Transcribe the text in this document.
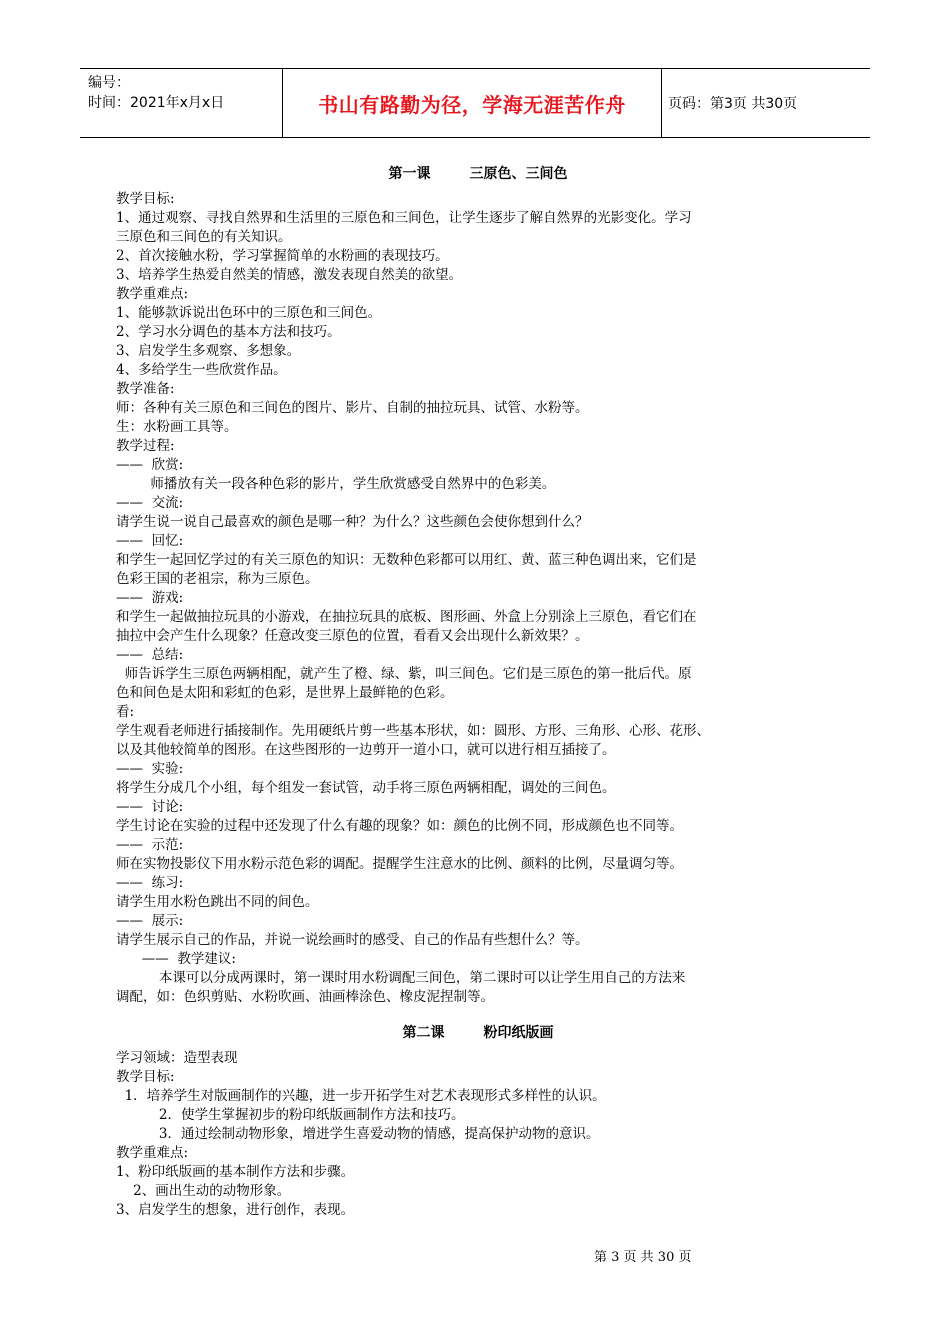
编号：
时间：2021年x月x日	书山有路勤为径，学海无涯苦作舟	页码：第3页 共30页
第一课        三原色、三间色
教学目标:
1、通过观察、寻找自然界和生活里的三原色和三间色，让学生逐步了解自然界的光影变化。学习
三原色和三间色的有关知识。
2、首次接触水粉，学习掌握简单的水粉画的表现技巧。
3、培养学生热爱自然美的情感，激发表现自然美的欲望。
教学重难点:
1、能够款诉说出色环中的三原色和三间色。
2、学习水分调色的基本方法和技巧。
3、启发学生多观察、多想象。
4、多给学生一些欣赏作品。
教学准备:
师：各种有关三原色和三间色的图片、影片、自制的抽拉玩具、试管、水粉等。
生：水粉画工具等。
教学过程:
——  欣赏:
师播放有关一段各种色彩的影片，学生欣赏感受自然界中的色彩美。
——  交流:
请学生说一说自己最喜欢的颜色是哪一种？为什么？这些颜色会使你想到什么？
——  回忆:
和学生一起回忆学过的有关三原色的知识：无数种色彩都可以用红、黄、蓝三种色调出来，它们是
色彩王国的老祖宗，称为三原色。
——  游戏:
和学生一起做抽拉玩具的小游戏，在抽拉玩具的底板、图形画、外盒上分别涂上三原色，看它们在
抽拉中会产生什么现象？任意改变三原色的位置，看看又会出现什么新效果？。
——  总结:
师告诉学生三原色两辆相配，就产生了橙、绿、紫，叫三间色。它们是三原色的第一批后代。原
色和间色是太阳和彩虹的色彩，是世界上最鲜艳的色彩。
看:
学生观看老师进行插接制作。先用硬纸片剪一些基本形状，如：圆形、方形、三角形、心形、花形、
以及其他较简单的图形。在这些图形的一边剪开一道小口，就可以进行相互插接了。
——  实验:
将学生分成几个小组，每个组发一套试管，动手将三原色两辆相配，调处的三间色。
——  讨论:
学生讨论在实验的过程中还发现了什么有趣的现象？如：颜色的比例不同，形成颜色也不同等。
——  示范:
师在实物投影仪下用水粉示范色彩的调配。提醒学生注意水的比例、颜料的比例，尽量调匀等。
——  练习:
请学生用水粉色跳出不同的间色。
——  展示:
请学生展示自己的作品，并说一说绘画时的感受、自己的作品有些想什么？等。
——  教学建议:
本课可以分成两课时，第一课时用水粉调配三间色，第二课时可以让学生用自己的方法来
调配，如：色织剪贴、水粉吹画、油画棒涂色、橡皮泥捏制等。
第二课        粉印纸版画
学习领域：造型表现
教学目标:
1．培养学生对版画制作的兴趣，进一步开拓学生对艺术表现形式多样性的认识。
2．使学生掌握初步的粉印纸版画制作方法和技巧。
3．通过绘制动物形象，增进学生喜爱动物的情感，提高保护动物的意识。
教学重难点:
1、粉印纸版画的基本制作方法和步骤。
2、画出生动的动物形象。
3、启发学生的想象，进行创作，表现。
第 3 页 共 30 页
